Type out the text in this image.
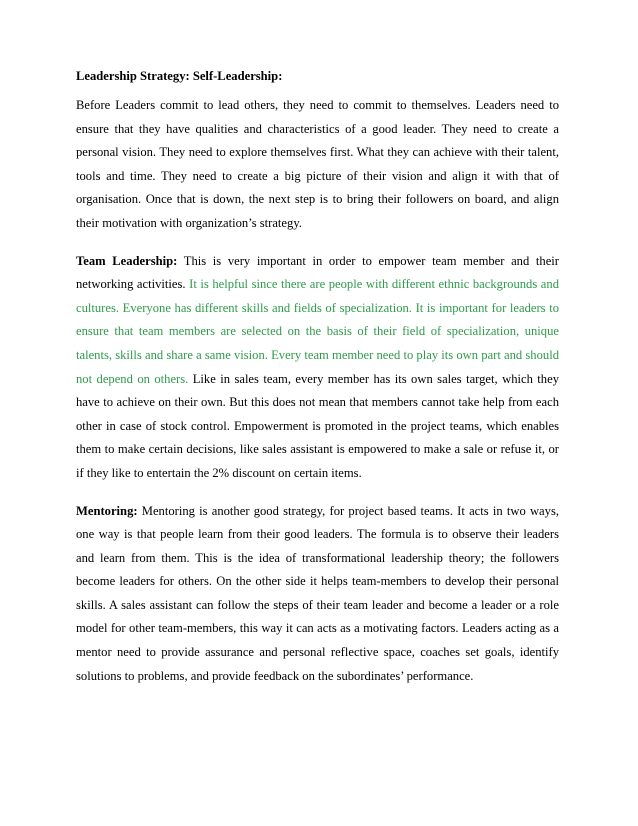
Leadership Strategy: Self-Leadership:

Before Leaders commit to lead others, they need to commit to themselves. Leaders need to ensure that they have qualities and characteristics of a good leader. They need to create a personal vision. They need to explore themselves first. What they can achieve with their talent, tools and time. They need to create a big picture of their vision and align it with that of organisation. Once that is down, the next step is to bring their followers on board, and align their motivation with organization’s strategy.

Team Leadership: This is very important in order to empower team member and their networking activities. It is helpful since there are people with different ethnic backgrounds and cultures. Everyone has different skills and fields of specialization. It is important for leaders to ensure that team members are selected on the basis of their field of specialization, unique talents, skills and share a same vision. Every team member need to play its own part and should not depend on others. Like in sales team, every member has its own sales target, which they have to achieve on their own. But this does not mean that members cannot take help from each other in case of stock control. Empowerment is promoted in the project teams, which enables them to make certain decisions, like sales assistant is empowered to make a sale or refuse it, or if they like to entertain the 2% discount on certain items.

Mentoring: Mentoring is another good strategy, for project based teams. It acts in two ways, one way is that people learn from their good leaders. The formula is to observe their leaders and learn from them. This is the idea of transformational leadership theory; the followers become leaders for others. On the other side it helps team-members to develop their personal skills. A sales assistant can follow the steps of their team leader and become a leader or a role model for other team-members, this way it can acts as a motivating factors. Leaders acting as a mentor need to provide assurance and personal reflective space, coaches set goals, identify solutions to problems, and provide feedback on the subordinates’ performance.
